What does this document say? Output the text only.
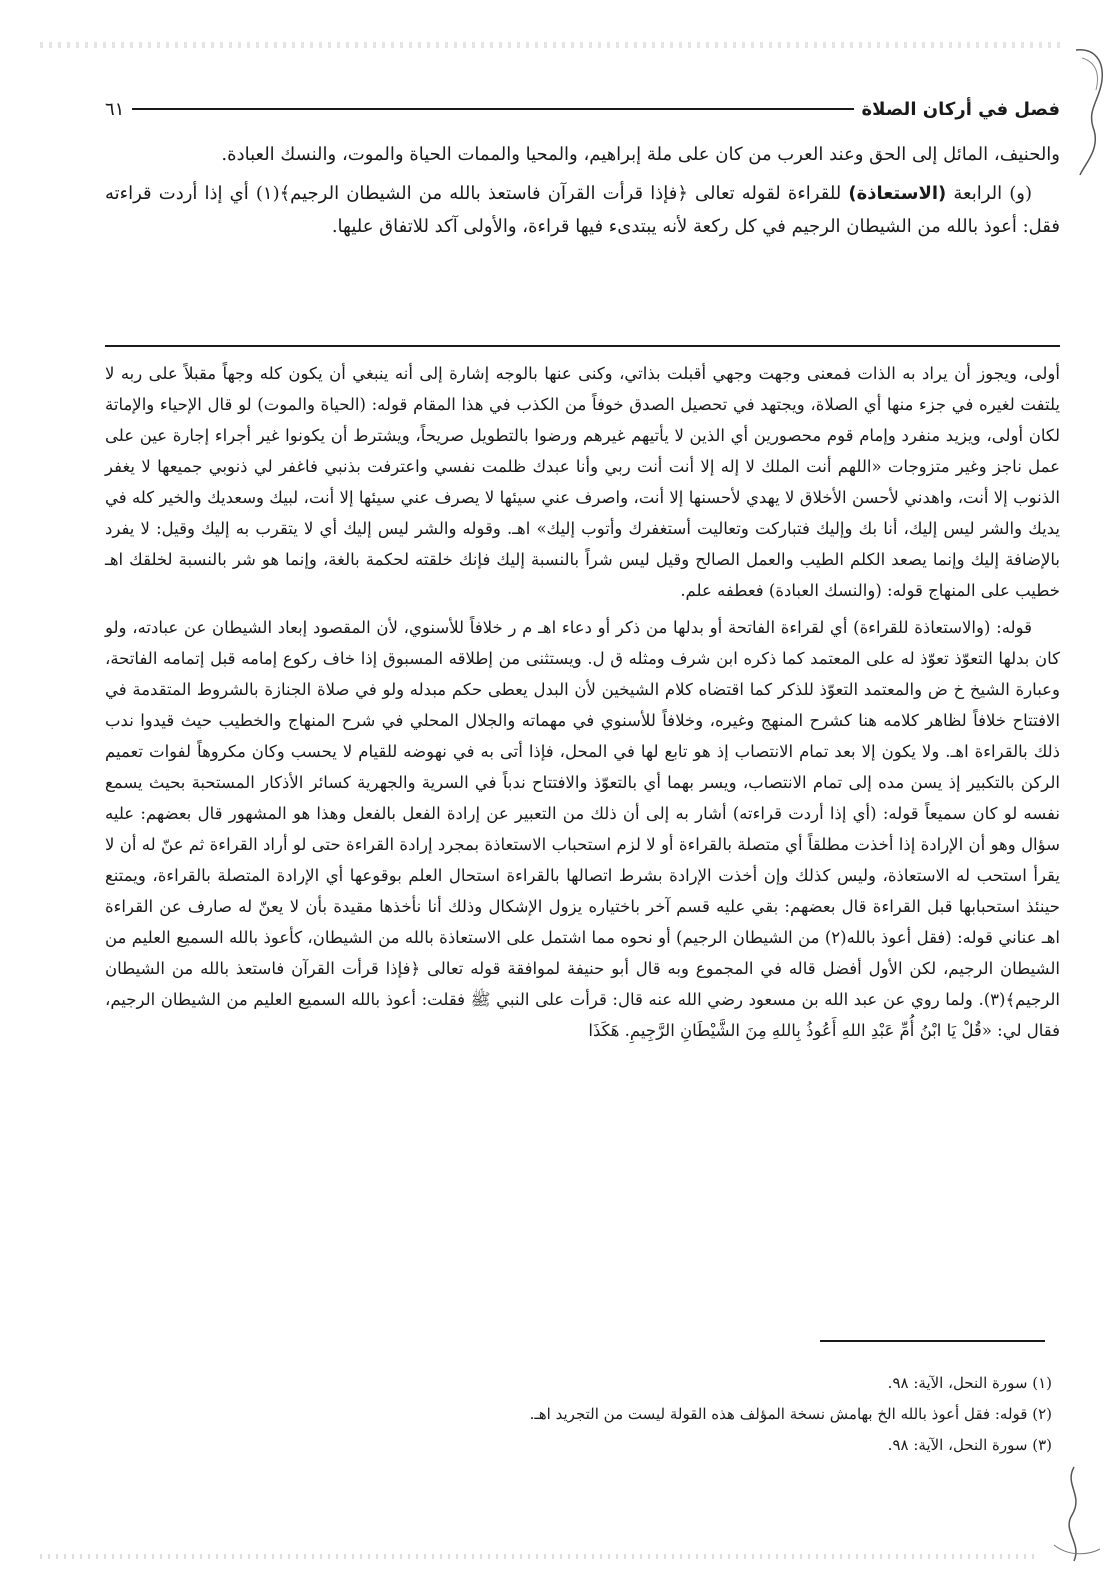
فصل في أركان الصلاة
٦١

والحنيف، المائل إلى الحق وعند العرب من كان على ملة إبراهيم، والمحيا والممات الحياة والموت، والنسك العبادة.

(و) الرابعة (الاستعاذة) للقراءة لقوله تعالى ﴿فإذا قرأت القرآن فاستعذ بالله من الشيطان الرجيم﴾(١) أي إذا أردت قراءته فقل: أعوذ بالله من الشيطان الرجيم في كل ركعة لأنه يبتدىء فيها قراءة، والأولى آكد للاتفاق عليها.

أولى، ويجوز أن يراد به الذات فمعنى وجهت وجهي أقبلت بذاتي، وكنى عنها بالوجه إشارة إلى أنه ينبغي أن يكون كله وجهاً مقبلاً على ربه لا يلتفت لغيره في جزء منها أي الصلاة، ويجتهد في تحصيل الصدق خوفاً من الكذب في هذا المقام قوله: (الحياة والموت) لو قال الإحياء والإماتة لكان أولى، ويزيد منفرد وإمام قوم محصورين أي الذين لا يأتيهم غيرهم ورضوا بالتطويل صريحاً، ويشترط أن يكونوا غير أجراء إجارة عين على عمل ناجز وغير متزوجات «اللهم أنت الملك لا إله إلا أنت أنت ربي وأنا عبدك ظلمت نفسي واعترفت بذنبي فاغفر لي ذنوبي جميعها لا يغفر الذنوب إلا أنت، واهدني لأحسن الأخلاق لا يهدي لأحسنها إلا أنت، واصرف عني سيئها لا يصرف عني سيئها إلا أنت، لبيك وسعديك والخير كله في يديك والشر ليس إليك، أنا بك وإليك فتباركت وتعاليت أستغفرك وأتوب إليك» اهـ. وقوله والشر ليس إليك أي لا يتقرب به إليك وقيل: لا يفرد بالإضافة إليك وإنما يصعد الكلم الطيب والعمل الصالح وقيل ليس شراً بالنسبة إليك فإنك خلقته لحكمة بالغة، وإنما هو شر بالنسبة لخلقك اهـ خطيب على المنهاج قوله: (والنسك العبادة) فعطفه علم.

قوله: (والاستعاذة للقراءة) أي لقراءة الفاتحة أو بدلها من ذكر أو دعاء اهـ م ر خلافاً للأسنوي، لأن المقصود إبعاد الشيطان عن عبادته، ولو كان بدلها التعوّذ تعوّذ له على المعتمد كما ذكره ابن شرف ومثله ق ل. ويستثنى من إطلاقه المسبوق إذا خاف ركوع إمامه قبل إتمامه الفاتحة، وعبارة الشيخ خ ض والمعتمد التعوّذ للذكر كما اقتضاه كلام الشيخين لأن البدل يعطى حكم مبدله ولو في صلاة الجنازة بالشروط المتقدمة في الافتتاح خلافاً لظاهر كلامه هنا كشرح المنهج وغيره، وخلافاً للأسنوي في مهماته والجلال المحلي في شرح المنهاج والخطيب حيث قيدوا ندب ذلك بالقراءة اهـ. ولا يكون إلا بعد تمام الانتصاب إذ هو تابع لها في المحل، فإذا أتى به في نهوضه للقيام لا يحسب وكان مكروهاً لفوات تعميم الركن بالتكبير إذ يسن مده إلى تمام الانتصاب، ويسر بهما أي بالتعوّذ والافتتاح ندباً في السرية والجهرية كسائر الأذكار المستحبة بحيث يسمع نفسه لو كان سميعاً قوله: (أي إذا أردت قراءته) أشار به إلى أن ذلك من التعبير عن إرادة الفعل بالفعل وهذا هو المشهور قال بعضهم: عليه سؤال وهو أن الإرادة إذا أخذت مطلقاً أي متصلة بالقراءة أو لا لزم استحباب الاستعاذة بمجرد إرادة القراءة حتى لو أراد القراءة ثم عنّ له أن لا يقرأ استحب له الاستعاذة، وليس كذلك وإن أخذت الإرادة بشرط اتصالها بالقراءة استحال العلم بوقوعها أي الإرادة المتصلة بالقراءة، ويمتنع حينئذ استحبابها قبل القراءة قال بعضهم: بقي عليه قسم آخر باختياره يزول الإشكال وذلك أنا نأخذها مقيدة بأن لا يعنّ له صارف عن القراءة اهـ عناني قوله: (فقل أعوذ بالله(٢) من الشيطان الرجيم) أو نحوه مما اشتمل على الاستعاذة بالله من الشيطان، كأعوذ بالله السميع العليم من الشيطان الرجيم، لكن الأول أفضل قاله في المجموع وبه قال أبو حنيفة لموافقة قوله تعالى ﴿فإذا قرأت القرآن فاستعذ بالله من الشيطان الرجيم﴾(٣). ولما روي عن عبد الله بن مسعود رضي الله عنه قال: قرأت على النبي ﷺ فقلت: أعوذ بالله السميع العليم من الشيطان الرجيم، فقال لي: «قُلْ يَا ابْنُ أُمِّ عَبْدِ اللهِ أَعُوذُ بِاللهِ مِنَ الشَّيْطَانِ الرَّجِيمِ. هَكَذَا

(١) سورة النحل، الآية: ٩٨.
(٢) قوله: فقل أعوذ بالله الخ بهامش نسخة المؤلف هذه القولة ليست من التجريد اهـ.
(٣) سورة النحل، الآية: ٩٨.
